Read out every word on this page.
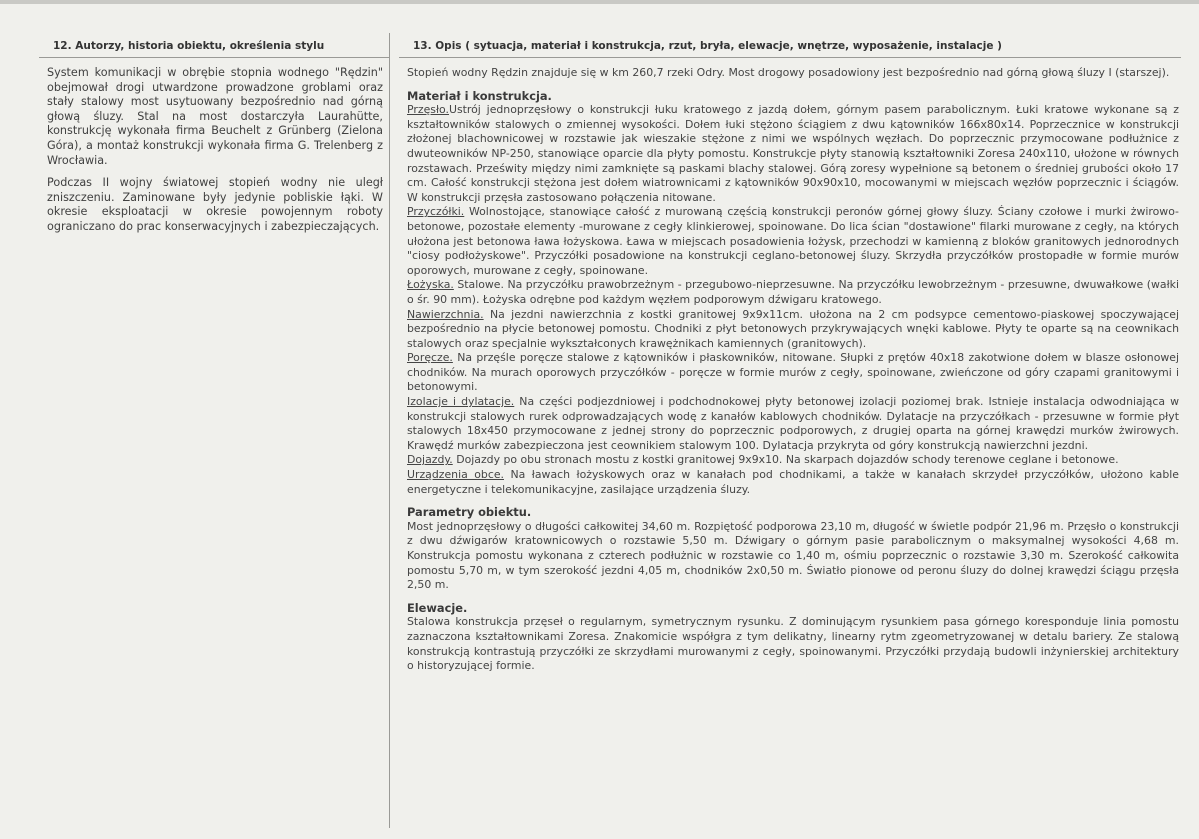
12. Autorzy, historia obiektu, określenia stylu

System komunikacji w obrębie stopnia wodnego "Rędzin" obejmował drogi utwardzone prowadzone groblami oraz stały stalowy most usytuowany bezpośrednio nad górną głową śluzy. Stal na most dostarczyła Laurahütte, konstrukcję wykonała firma Beuchelt z Grünberg (Zielona Góra), a montaż konstrukcji wykonała firma G. Trelenberg z Wrocławia.

Podczas II wojny światowej stopień wodny nie uległ zniszczeniu. Zaminowane były jedynie pobliskie łąki. W okresie eksploatacji w okresie powojennym roboty ograniczano do prac konserwacyjnych i zabezpieczających.

13. Opis ( sytuacja, materiał i konstrukcja, rzut, bryła, elewacje, wnętrze, wyposażenie, instalacje )

Stopień wodny Rędzin znajduje się w km 260,7 rzeki Odry. Most drogowy posadowiony jest bezpośrednio nad górną głową śluzy I (starszej).

Materiał i konstrukcja.

Przęsło.Ustrój jednoprzęsłowy o konstrukcji łuku kratowego z jazdą dołem, górnym pasem parabolicznym. Łuki kratowe wykonane są z kształtowników stalowych o zmiennej wysokości. Dołem łuki stężono ściągiem z dwu kątowników 166x80x14. Poprzecznice w konstrukcji złożonej blachownicowej w rozstawie jak wieszakie stężone z nimi we wspólnych węzłach. Do poprzecznic przymocowane podłużnice z dwuteowników NP-250, stanowiące oparcie dla płyty pomostu. Konstrukcje płyty stanowią kształtowniki Zoresa 240x110, ułożone w równych rozstawach. Prześwity między nimi zamknięte są paskami blachy stalowej. Górą zoresy wypełnione są betonem o średniej grubości około 17 cm. Całość konstrukcji stężona jest dołem wiatrownicami z kątowników 90x90x10, mocowanymi w miejscach węzłów poprzecznic i ściągów. W konstrukcji przęsła zastosowano połączenia nitowane.

Przyczółki. Wolnostojące, stanowiące całość z murowaną częścią konstrukcji peronów górnej głowy śluzy. Ściany czołowe i murki żwirowo-betonowe, pozostałe elementy -murowane z cegły klinkierowej, spoinowane. Do lica ścian "dostawione" filarki murowane z cegły, na których ułożona jest betonowa ława łożyskowa. Ława w miejscach posadowienia łożysk, przechodzi w kamienną z bloków granitowych jednorodnych "ciosy podłożyskowe". Przyczółki posadowione na konstrukcji ceglano-betonowej śluzy. Skrzydła przyczółków prostopadłe w formie murów oporowych, murowane z cegły, spoinowane.

Łożyska. Stalowe. Na przyczółku prawobrzeżnym - przegubowo-nieprzesuwne. Na przyczółku lewobrzeżnym - przesuwne, dwuwałkowe (wałki o śr. 90 mm). Łożyska odrębne pod każdym węzłem podporowym dźwigaru kratowego.

Nawierzchnia. Na jezdni nawierzchnia z kostki granitowej 9x9x11cm. ułożona na 2 cm podsypce cementowo-piaskowej spoczywającej bezpośrednio na płycie betonowej pomostu. Chodniki z płyt betonowych przykrywających wnęki kablowe. Płyty te oparte są na ceownikach stalowych oraz specjalnie wykształconych krawężnikach kamiennych (granitowych).

Poręcze. Na przęśle poręcze stalowe z kątowników i płaskowników, nitowane. Słupki z prętów 40x18 zakotwione dołem w blasze osłonowej chodników. Na murach oporowych przyczółków - poręcze w formie murów z cegły, spoinowane, zwieńczone od góry czapami granitowymi i betonowymi.

Izolacje i dylatacje. Na części podjezdniowej i podchodnokowej płyty betonowej izolacji poziomej brak. Istnieje instalacja odwodniająca w konstrukcji stalowych rurek odprowadzających wodę z kanałów kablowych chodników. Dylatacje na przyczółkach - przesuwne w formie płyt stalowych 18x450 przymocowane z jednej strony do poprzecznic podporowych, z drugiej oparta na górnej krawędzi murków żwirowych. Krawędź murków zabezpieczona jest ceownikiem stalowym 100. Dylatacja przykryta od góry konstrukcją nawierzchni jezdni.

Dojazdy. Dojazdy po obu stronach mostu z kostki granitowej 9x9x10. Na skarpach dojazdów schody terenowe ceglane i betonowe.

Urządzenia obce. Na ławach łożyskowych oraz w kanałach pod chodnikami, a także w kanałach skrzydeł przyczółków, ułożono kable energetyczne i telekomunikacyjne, zasilające urządzenia śluzy.

Parametry obiektu.

Most jednoprzęsłowy o długości całkowitej 34,60 m. Rozpiętość podporowa 23,10 m, długość w świetle podpór 21,96 m. Przęsło o konstrukcji z dwu dźwigarów kratownicowych o rozstawie 5,50 m. Dźwigary o górnym pasie parabolicznym o maksymalnej wysokości 4,68 m. Konstrukcja pomostu wykonana z czterech podłużnic w rozstawie co 1,40 m, ośmiu poprzecznic o rozstawie 3,30 m. Szerokość całkowita pomostu 5,70 m, w tym szerokość jezdni 4,05 m, chodników 2x0,50 m. Światło pionowe od peronu śluzy do dolnej krawędzi ściągu przęsła 2,50 m.

Elewacje.

Stalowa konstrukcja przęseł o regularnym, symetrycznym rysunku. Z dominującym rysunkiem pasa górnego koresponduje linia pomostu zaznaczona kształtownikami Zoresa. Znakomicie współgra z tym delikatny, linearny rytm zgeometryzowanej w detalu bariery. Ze stalową konstrukcją kontrastują przyczółki ze skrzydłami murowanymi z cegły, spoinowanymi. Przyczółki przydają budowli inżynierskiej architektury o historyzującej formie.
